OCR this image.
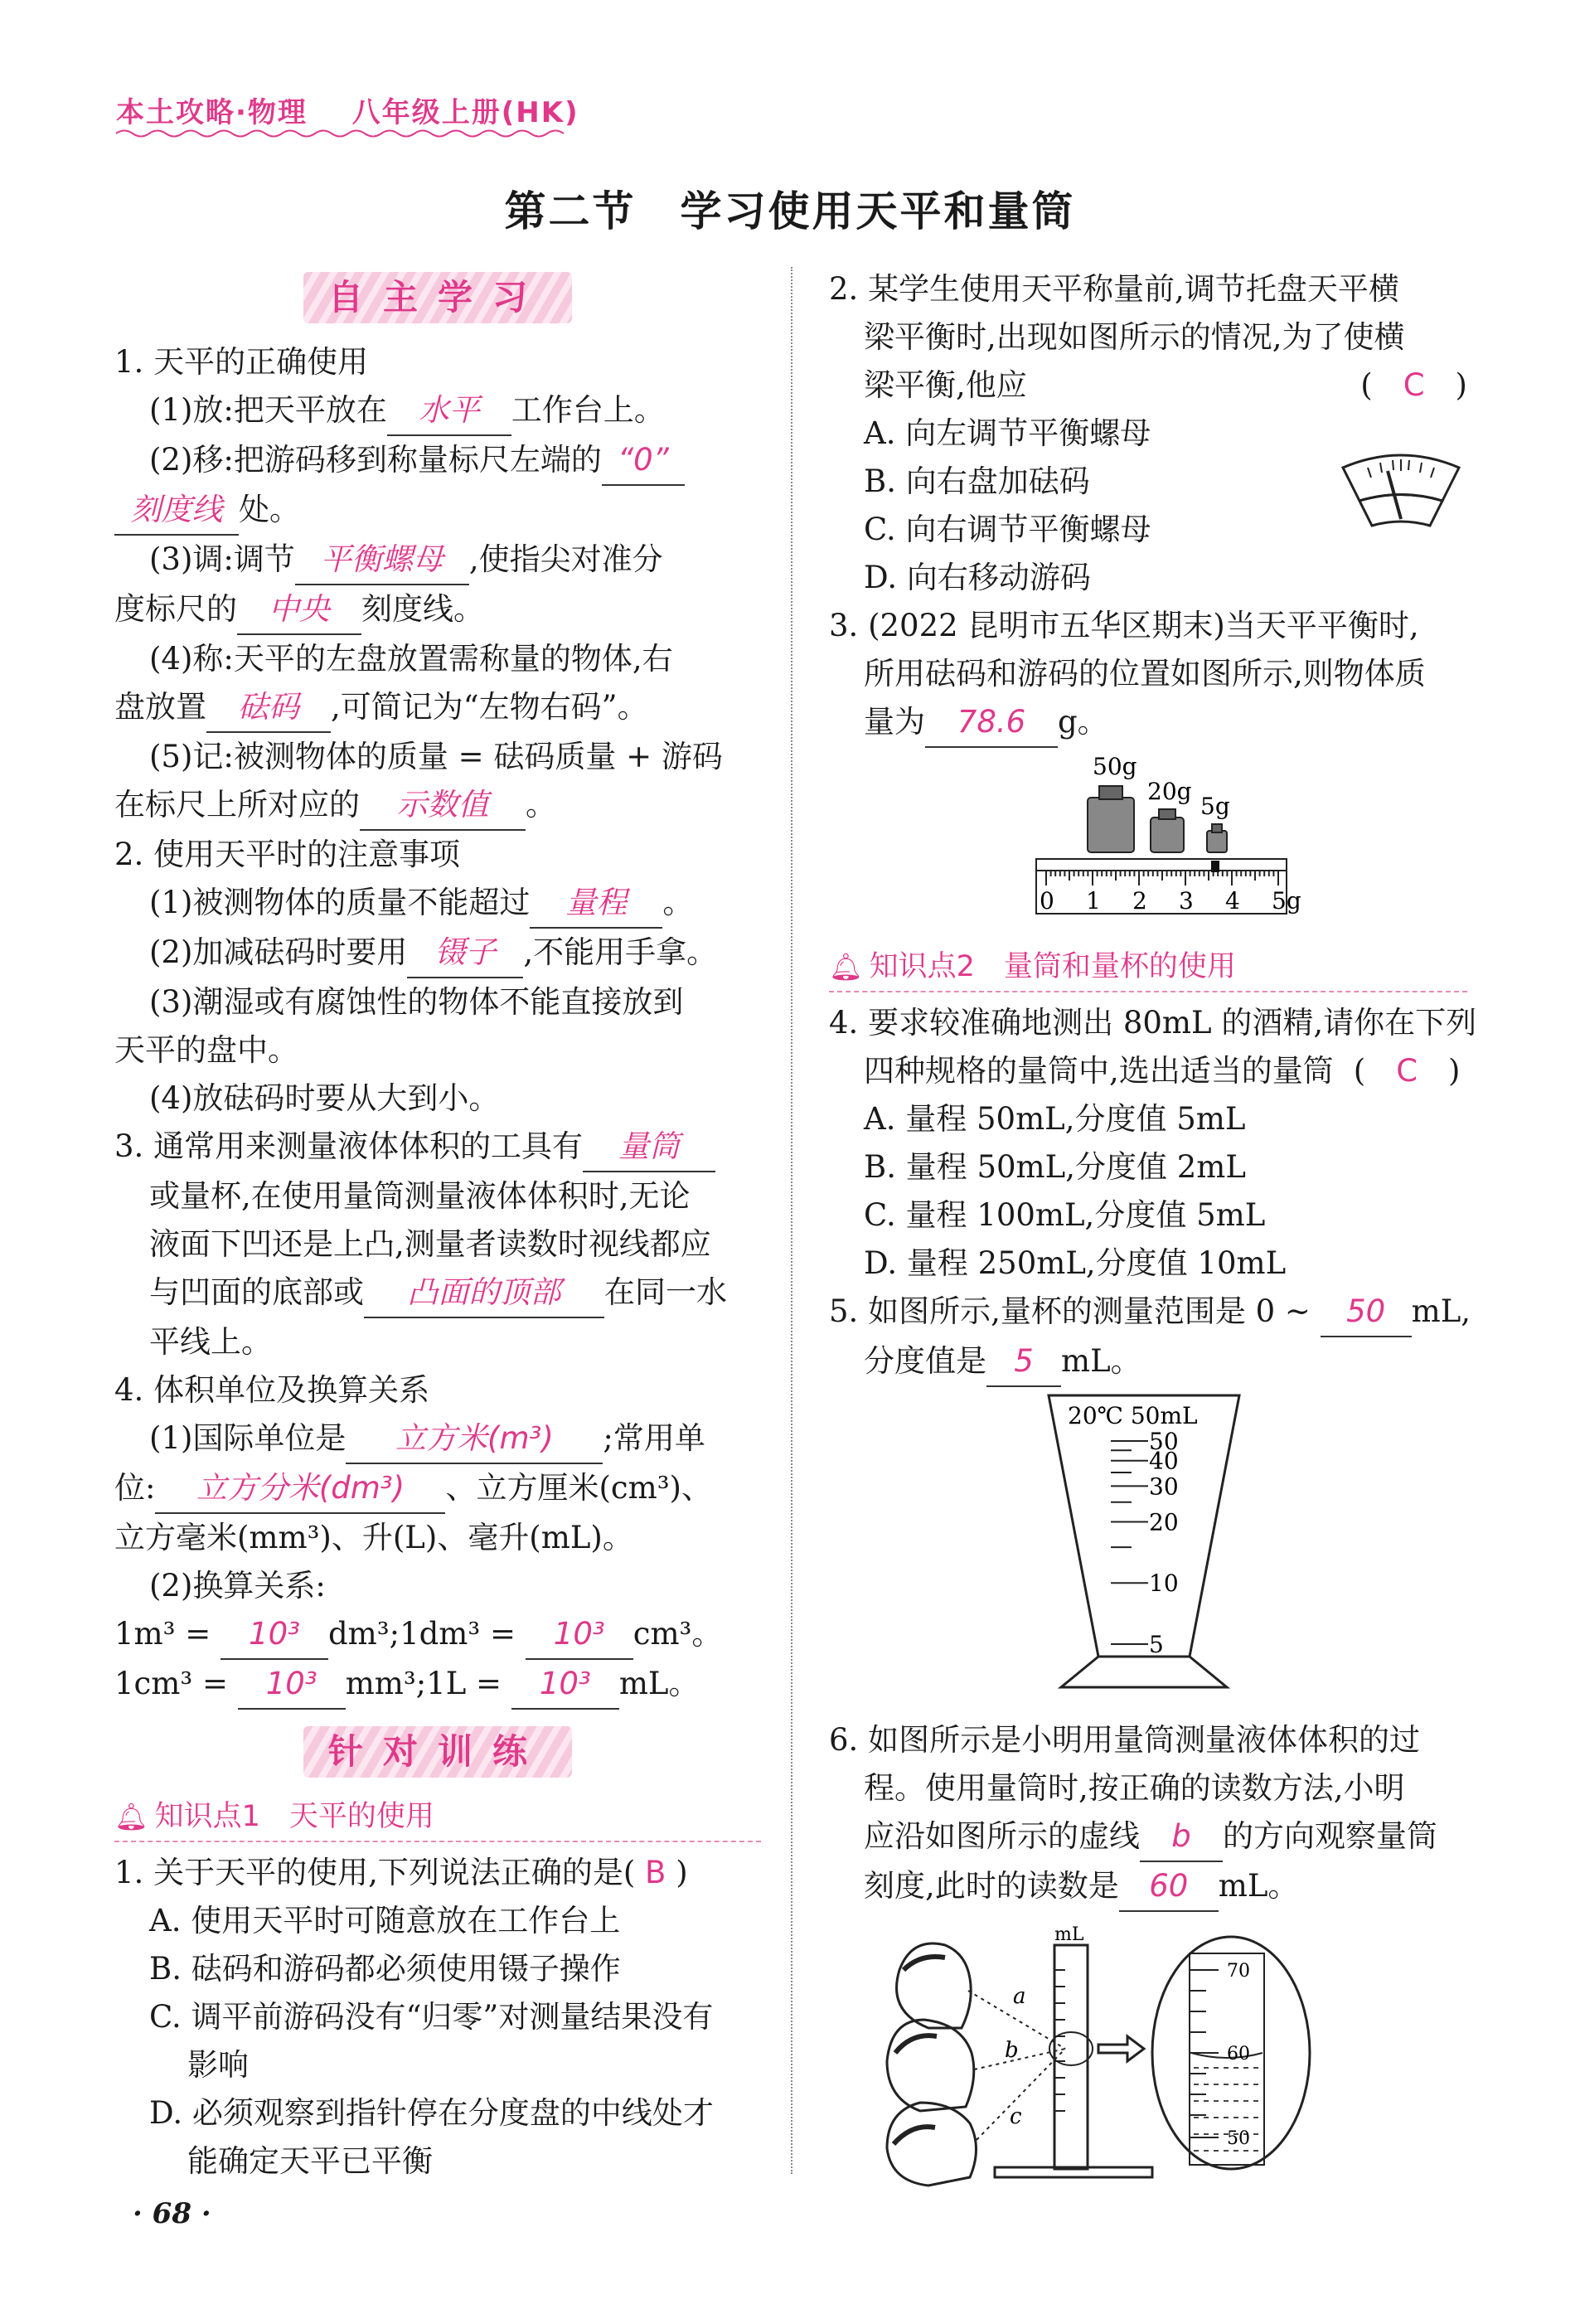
本土攻略·物理 八年级上册(HK)
第二节　学习使用天平和量筒
自主学习
1. 天平的正确使用
(1)放:把天平放在 水平 工作台上。
(2)移:把游码移到称量标尺左端的 “0”
刻度线 处。
(3)调:调节 平衡螺母 ,使指尖对准分
度标尺的 中央 刻度线。
(4)称:天平的左盘放置需称量的物体,右
盘放置 砝码 ,可简记为“左物右码”。
(5)记:被测物体的质量 = 砝码质量 + 游码
在标尺上所对应的 示数值 。
2. 使用天平时的注意事项
(1)被测物体的质量不能超过 量程 。
(2)加减砝码时要用 镊子 ,不能用手拿。
(3)潮湿或有腐蚀性的物体不能直接放到
天平的盘中。
(4)放砝码时要从大到小。
3. 通常用来测量液体体积的工具有 量筒
或量杯,在使用量筒测量液体体积时,无论
液面下凹还是上凸,测量者读数时视线都应
与凹面的底部或 凸面的顶部 在同一水
平线上。
4. 体积单位及换算关系
(1)国际单位是 立方米(m³) ;常用单
位: 立方分米(dm³) 、立方厘米(cm³)、
立方毫米(mm³)、升(L)、毫升(mL)。
(2)换算关系:
1m³ = 10³ dm³;1dm³ = 10³ cm³。
1cm³ = 10³ mm³;1L = 10³ mL。
针对训练
🔔︎ 知识点1　天平的使用
1. 关于天平的使用,下列说法正确的是( B )
A. 使用天平时可随意放在工作台上
B. 砝码和游码都必须使用镊子操作
C. 调平前游码没有“归零”对测量结果没有
影响
D. 必须观察到指针停在分度盘的中线处才
能确定天平已平衡
2. 某学生使用天平称量前,调节托盘天平横
梁平衡时,出现如图所示的情况,为了使横
梁平衡,他应	(　C　)
A. 向左调节平衡螺母
B. 向右盘加砝码
C. 向右调节平衡螺母
D. 向右移动游码
3. (2022 昆明市五华区期末)当天平平衡时,
所用砝码和游码的位置如图所示,则物体质
量为 78.6 g。
50g
20g
5g
0 1 2 3 4 5g
🔔︎ 知识点2　量筒和量杯的使用
4. 要求较准确地测出 80mL 的酒精,请你在下列
四种规格的量筒中,选出适当的量筒 (　C　)
A. 量程 50mL,分度值 5mL
B. 量程 50mL,分度值 2mL
C. 量程 100mL,分度值 5mL
D. 量程 250mL,分度值 10mL
5. 如图所示,量杯的测量范围是 0 ~ 50 mL,
分度值是 5 mL。
20℃ 50mL
50
40
30
20
10
5
6. 如图所示是小明用量筒测量液体体积的过
程。使用量筒时,按正确的读数方法,小明
应沿如图所示的虚线 b 的方向观察量筒
刻度,此时的读数是 60 mL。
a
b
c
mL
70
60
50
· 68 ·
